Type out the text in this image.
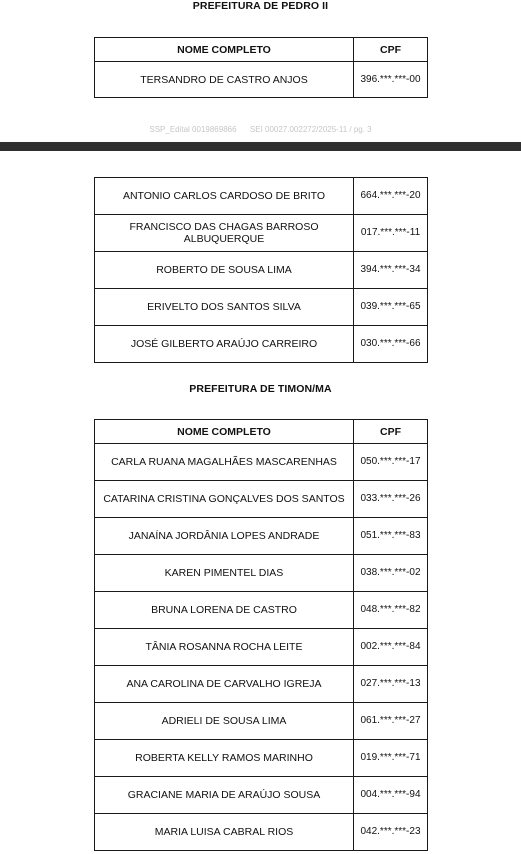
PREFEITURA DE PEDRO II
NOME COMPLETO	CPF
TERSANDRO DE CASTRO ANJOS	396.***.***-00
SSP_Edital 0019869866 SEI 00027.002272/2025-11 / pg. 3
ANTONIO CARLOS CARDOSO DE BRITO	664.***.***-20
FRANCISCO DAS CHAGAS BARROSO ALBUQUERQUE	017.***.***-11
ROBERTO DE SOUSA LIMA	394.***.***-34
ERIVELTO DOS SANTOS SILVA	039.***.***-65
JOSÉ GILBERTO ARAÚJO CARREIRO	030.***.***-66
PREFEITURA DE TIMON/MA
NOME COMPLETO	CPF
CARLA RUANA MAGALHÃES MASCARENHAS	050.***.***-17
CATARINA CRISTINA GONÇALVES DOS SANTOS	033.***.***-26
JANAÍNA JORDÂNIA LOPES ANDRADE	051.***.***-83
KAREN PIMENTEL DIAS	038.***.***-02
BRUNA LORENA DE CASTRO	048.***.***-82
TÂNIA ROSANNA ROCHA LEITE	002.***.***-84
ANA CAROLINA DE CARVALHO IGREJA	027.***.***-13
ADRIELI DE SOUSA LIMA	061.***.***-27
ROBERTA KELLY RAMOS MARINHO	019.***.***-71
GRACIANE MARIA DE ARAÚJO SOUSA	004.***.***-94
MARIA LUISA CABRAL RIOS	042.***.***-23
